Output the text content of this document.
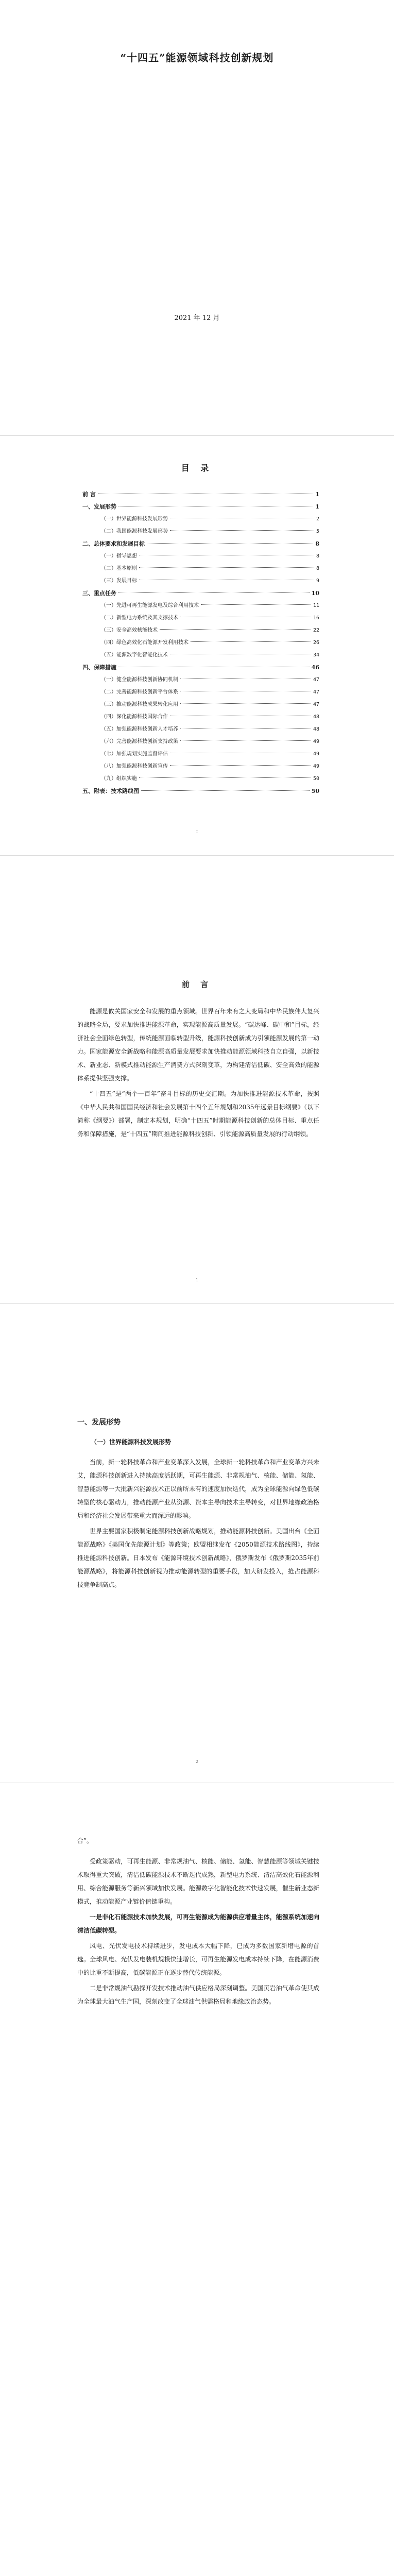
“十四五”能源领域科技创新规划
2021 年 12 月
目 录
前 言	1
一、发展形势	1
（一）世界能源科技发展形势	2
（二）我国能源科技发展形势	5
二、总体要求和发展目标	8
（一）指导思想	8
（二）基本原则	8
（三）发展目标	9
三、重点任务	10
（一）先进可再生能源发电及综合利用技术	11
（二）新型电力系统及其支撑技术	16
（三）安全高效核能技术	22
（四）绿色高效化石能源开发利用技术	26
（五）能源数字化智能化技术	34
四、保障措施	46
（一）健全能源科技创新协同机制	47
（二）完善能源科技创新平台体系	47
（三）推动能源科技成果转化应用	47
（四）深化能源科技国际合作	48
（五）加强能源科技创新人才培养	48
（六）完善能源科技创新支持政策	49
（七）加强规划实施监督评估	49
（八）加强能源科技创新宣传	49
（九）组织实施	50
五、附表：技术路线图	50
I
前 言

能源是攸关国家安全和发展的重点领域。世界百年未有之大变局和中华民族伟大复兴的战略全局，要求加快推进能源革命，实现能源高质量发展。“碳达峰、碳中和”目标，经济社会全面绿色转型，传统能源面临转型升级，能源科技创新成为引领能源发展的第一动力。国家能源安全新战略和能源高质量发展要求加快推动能源领域科技自立自强，以新技术、新业态、新模式推动能源生产消费方式深刻变革，为构建清洁低碳、安全高效的能源体系提供坚强支撑。

“十四五”是“两个一百年”奋斗目标的历史交汇期。为加快推进能源技术革命，按照《中华人民共和国国民经济和社会发展第十四个五年规划和2035年远景目标纲要》（以下简称《纲要》）部署，制定本规划，明确“十四五”时期能源科技创新的总体目标、重点任务和保障措施，是“十四五”期间推进能源科技创新、引领能源高质量发展的行动纲领。

1
一、发展形势
（一）世界能源科技发展形势

当前，新一轮科技革命和产业变革深入发展，全球新一轮科技革命和产业变革方兴未艾，能源科技创新进入持续高度活跃期，可再生能源、非常规油气、核能、储能、氢能、智慧能源等一大批新兴能源技术正以前所未有的速度加快迭代，成为全球能源向绿色低碳转型的核心驱动力，推动能源产业从资源、资本主导向技术主导转变，对世界地缘政治格局和经济社会发展带来重大而深远的影响。

世界主要国家积极制定能源科技创新战略规划，推动能源科技创新。美国出台《全面能源战略》《美国优先能源计划》等政策；欧盟相继发布《2050能源技术路线图》，持续推进能源科技创新。日本发布《能源环境技术创新战略》，俄罗斯发布《俄罗斯2035年前能源战略》，将能源科技创新视为推动能源转型的重要手段，加大研发投入，抢占能源科技竞争制高点。

2

合”。

受政策驱动，可再生能源、非常规油气、核能、储能、氢能、智慧能源等领域关键技术取得重大突破，清洁低碳能源技术不断迭代成熟，新型电力系统、清洁高效化石能源利用、综合能源服务等新兴领域加快发展。能源数字化智能化技术快速发展，催生新业态新模式，推动能源产业链价值链重构。

一是非化石能源技术加快发展，可再生能源成为能源供应增量主体，能源系统加速向清洁低碳转型。

风电、光伏发电技术持续进步，发电成本大幅下降，已成为多数国家新增电源的首选。全球风电、光伏发电装机规模快速增长，可再生能源发电成本持续下降，在能源消费中的比重不断提高，低碳能源正在逐步替代传统能源。

二是非常规油气勘探开发技术推动油气供应格局深刻调整。美国页岩油气革命使其成为全球最大油气生产国，深刻改变了全球油气供需格局和地缘政治态势。
